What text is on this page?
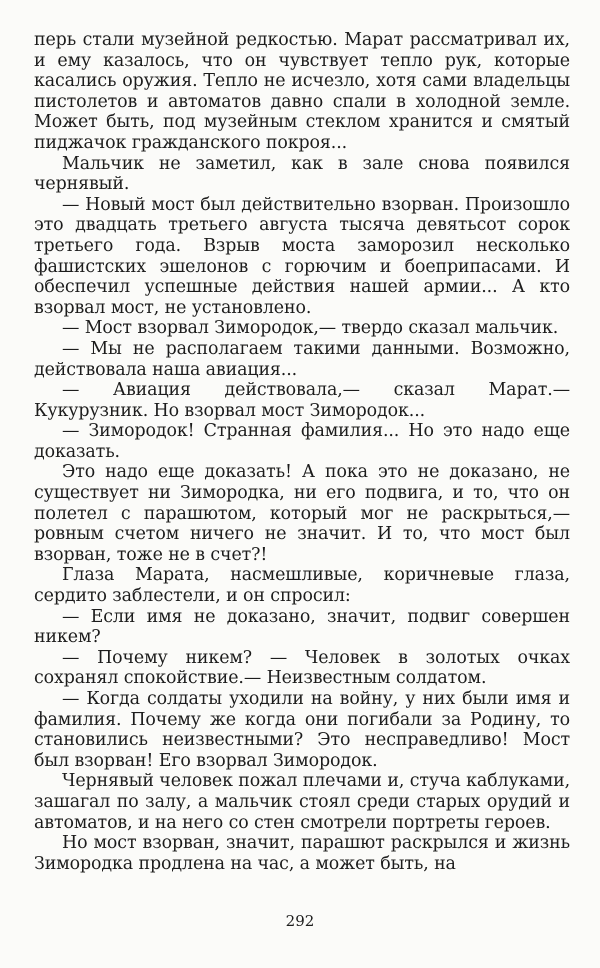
перь стали музейной редкостью. Марат рассматривал их, и ему казалось, что он чувствует тепло рук, которые касались оружия. Тепло не исчезло, хотя сами владельцы пистолетов и автоматов давно спали в холодной земле. Может быть, под музейным стеклом хранится и смятый пиджачок гражданского покроя...

Мальчик не заметил, как в зале снова появился чернявый.

— Новый мост был действительно взорван. Произошло это двадцать третьего августа тысяча девятьсот сорок третьего года. Взрыв моста заморозил несколько фашистских эшелонов с горючим и боеприпасами. И обеспечил успешные действия нашей армии... А кто взорвал мост, не установлено.

— Мост взорвал Зимородок,— твердо сказал мальчик.

— Мы не располагаем такими данными. Возможно, действовала наша авиация...

— Авиация действовала,— сказал Марат.— Кукурузник. Но взорвал мост Зимородок...

— Зимородок! Странная фамилия... Но это надо еще доказать.

Это надо еще доказать! А пока это не доказано, не существует ни Зимородка, ни его подвига, и то, что он полетел с парашютом, который мог не раскрыться,— ровным счетом ничего не значит. И то, что мост был взорван, тоже не в счет?!

Глаза Марата, насмешливые, коричневые глаза, сердито заблестели, и он спросил:

— Если имя не доказано, значит, подвиг совершен никем?

— Почему никем? — Человек в золотых очках сохранял спокойствие.— Неизвестным солдатом.

— Когда солдаты уходили на войну, у них были имя и фамилия. Почему же когда они погибали за Родину, то становились неизвестными? Это несправедливо! Мост был взорван! Его взорвал Зимородок.

Чернявый человек пожал плечами и, стуча каблуками, зашагал по залу, а мальчик стоял среди старых орудий и автоматов, и на него со стен смотрели портреты героев.

Но мост взорван, значит, парашют раскрылся и жизнь Зимородка продлена на час, а может быть, на

292
